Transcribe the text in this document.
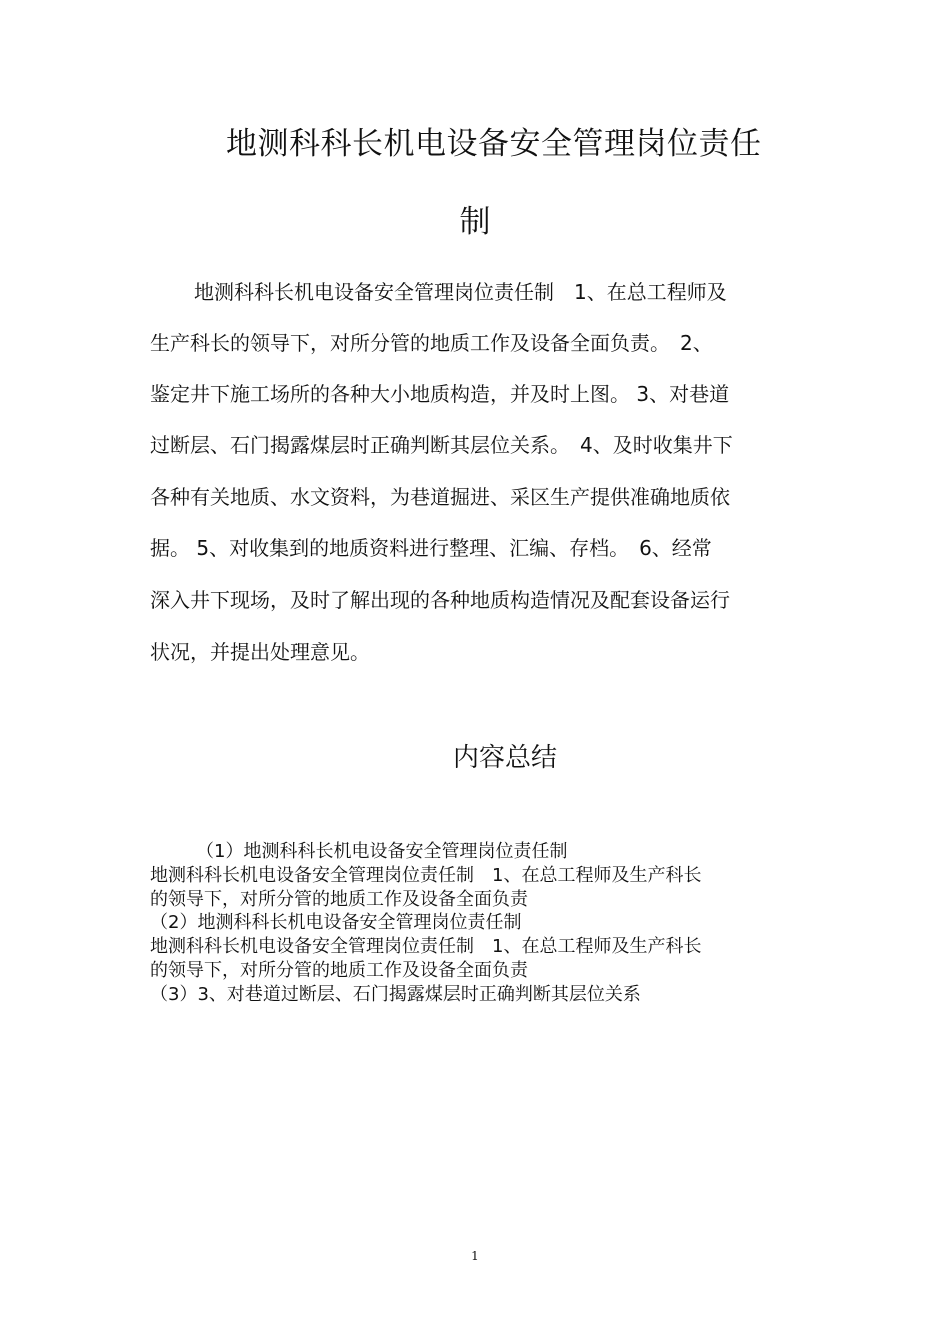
地测科科长机电设备安全管理岗位责任
制
地测科科长机电设备安全管理岗位责任制　1、在总工程师及
生产科长的领导下，对所分管的地质工作及设备全面负责。　2、
鉴定井下施工场所的各种大小地质构造，并及时上图。 3、对巷道
过断层、石门揭露煤层时正确判断其层位关系。　4、及时收集井下
各种有关地质、水文资料，为巷道掘进、采区生产提供准确地质依
据。 5、对收集到的地质资料进行整理、汇编、存档。　6、经常
深入井下现场，及时了解出现的各种地质构造情况及配套设备运行
状况，并提出处理意见。
内容总结
（1）地测科科长机电设备安全管理岗位责任制
地测科科长机电设备安全管理岗位责任制　1、在总工程师及生产科长
的领导下，对所分管的地质工作及设备全面负责
（2）地测科科长机电设备安全管理岗位责任制
地测科科长机电设备安全管理岗位责任制　1、在总工程师及生产科长
的领导下，对所分管的地质工作及设备全面负责
（3）3、对巷道过断层、石门揭露煤层时正确判断其层位关系
1
